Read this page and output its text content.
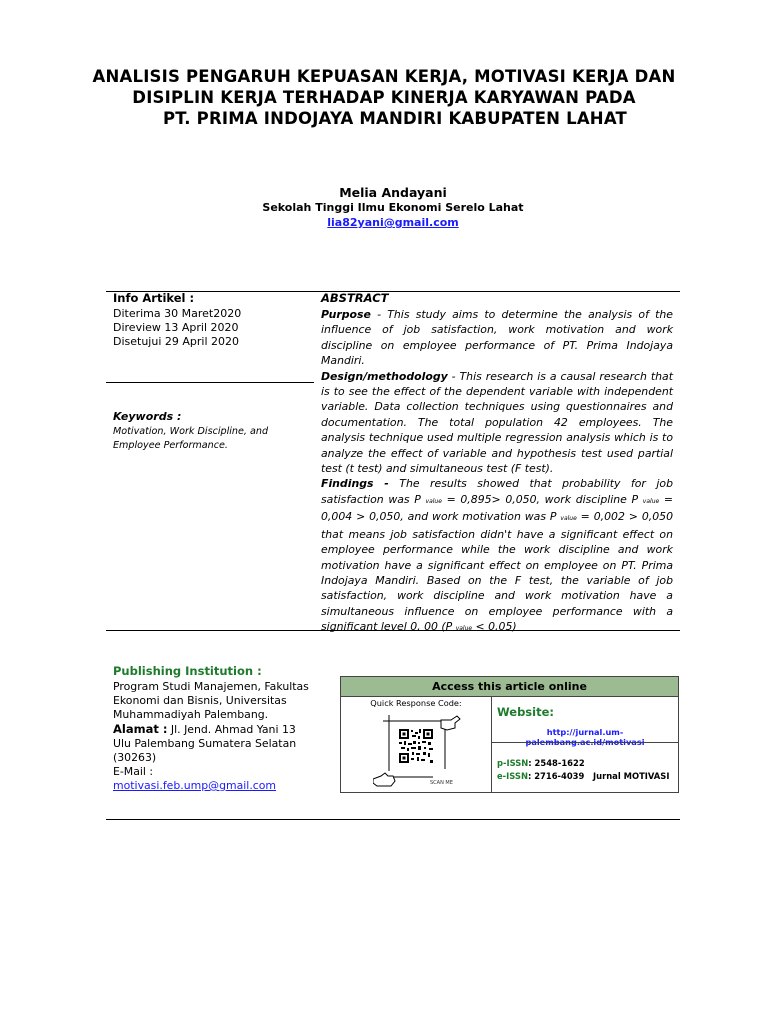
ANALISIS PENGARUH KEPUASAN KERJA, MOTIVASI KERJA DAN
DISIPLIN KERJA TERHADAP KINERJA KARYAWAN PADA
PT. PRIMA INDOJAYA MANDIRI KABUPATEN LAHAT
Melia Andayani
Sekolah Tinggi Ilmu Ekonomi Serelo Lahat
lia82yani@gmail.com
Info Artikel :
Diterima 30 Maret2020
Direview 13 April 2020
Disetujui 29 April 2020
Keywords :
Motivation, Work Discipline, and Employee Performance.
ABSTRACT

Purpose - This study aims to determine the analysis of the influence of job satisfaction, work motivation and work discipline on employee performance of PT. Prima Indojaya Mandiri.

Design/methodology - This research is a causal research that is to see the effect of the dependent variable with independent variable. Data collection techniques using questionnaires and documentation. The total population 42 employees. The analysis technique used multiple regression analysis which is to analyze the effect of variable and hypothesis test used partial test (t test) and simultaneous test (F test).

Findings - The results showed that probability for job satisfaction was P value = 0,895> 0,050, work discipline P value = 0,004 > 0,050, and work motivation was P value = 0,002 > 0,050 that means job satisfaction didn't have a significant effect on employee performance while the work discipline and work motivation have a significant effect on employee on PT. Prima Indojaya Mandiri. Based on the F test, the variable of job satisfaction, work discipline and work motivation have a simultaneous influence on employee performance with a significant level 0, 00 (P value < 0,05)

Publishing Institution :
Program Studi Manajemen, Fakultas Ekonomi dan Bisnis, Universitas Muhammadiyah Palembang.
Alamat : Jl. Jend. Ahmad Yani 13 Ulu Palembang Sumatera Selatan (30263)
E-Mail :
motivasi.feb.ump@gmail.com
Access this article online
Quick Response Code:
SCAN ME
Website:
http://jurnal.um-palembang.ac.id/motivasi
p-ISSN: 2548-1622
e-ISSN: 2716-4039 Jurnal MOTIVASI
